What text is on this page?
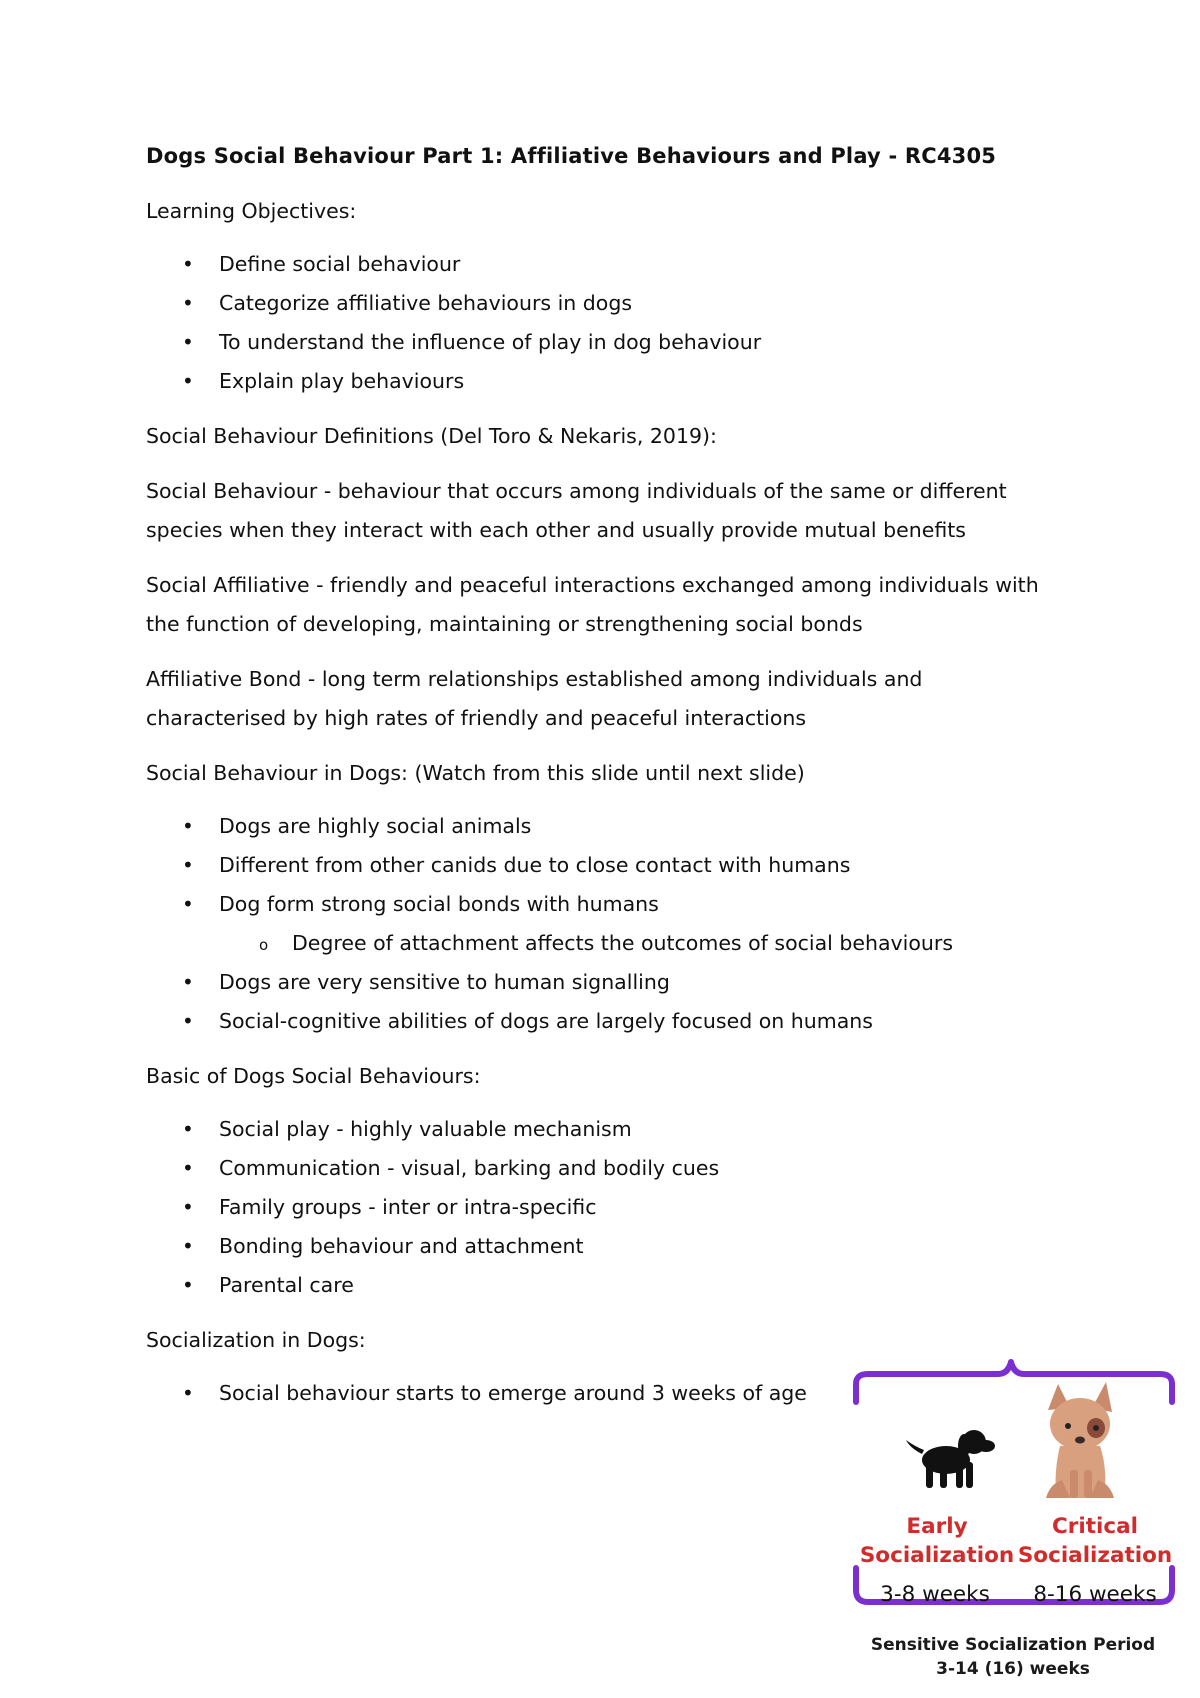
Dogs Social Behaviour Part 1: Affiliative Behaviours and Play - RC4305
Learning Objectives:
• Define social behaviour
• Categorize affiliative behaviours in dogs
• To understand the influence of play in dog behaviour
• Explain play behaviours
Social Behaviour Definitions (Del Toro & Nekaris, 2019):
Social Behaviour - behaviour that occurs among individuals of the same or different species when they interact with each other and usually provide mutual benefits
Social Affiliative - friendly and peaceful interactions exchanged among individuals with the function of developing, maintaining or strengthening social bonds
Affiliative Bond - long term relationships established among individuals and characterised by high rates of friendly and peaceful interactions
Social Behaviour in Dogs: (Watch from this slide until next slide)
• Dogs are highly social animals
• Different from other canids due to close contact with humans
• Dog form strong social bonds with humans
o Degree of attachment affects the outcomes of social behaviours
• Dogs are very sensitive to human signalling
• Social-cognitive abilities of dogs are largely focused on humans
Basic of Dogs Social Behaviours:
• Social play - highly valuable mechanism
• Communication - visual, barking and bodily cues
• Family groups - inter or intra-specific
• Bonding behaviour and attachment
• Parental care
Socialization in Dogs:
• Social behaviour starts to emerge around 3 weeks of age
Early
Socialization
Critical
Socialization
3-8 weeks	8-16 weeks
Sensitive Socialization Period
3-14 (16) weeks
